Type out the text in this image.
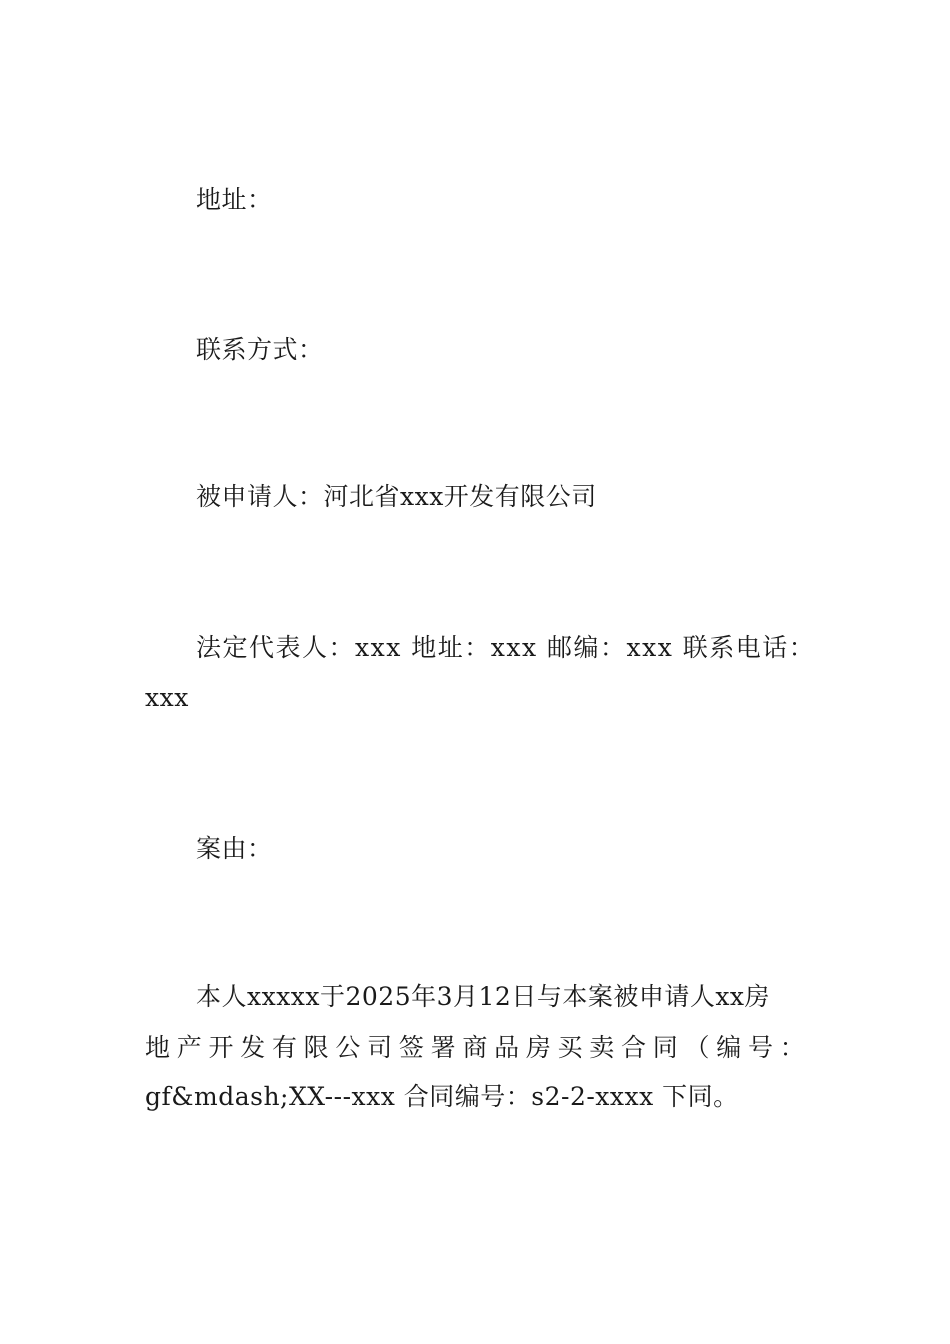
地址：
联系方式：
被申请人：河北省xxx开发有限公司
法定代表人：xxx 地址：xxx 邮编：xxx 联系电话：
xxx
案由：
本人xxxxx于2025年3月12日与本案被申请人xx房
地 产 开 发 有 限 公 司 签 署 商 品 房 买 卖 合 同 （ 编 号 ：
gf&mdash;XX---xxx 合同编号：s2-2-xxxx 下同。
